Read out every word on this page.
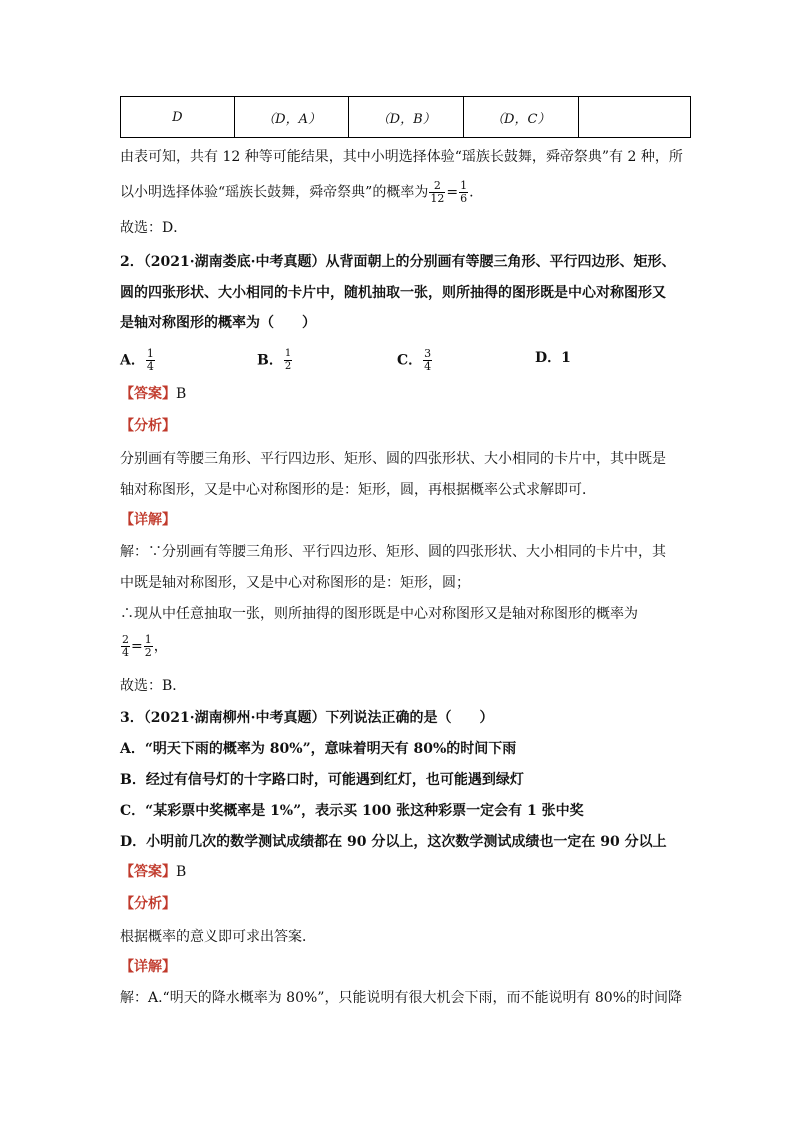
D	（D，A）	（D，B）	（D，C）	
由表可知，共有 12 种等可能结果，其中小明选择体验“瑶族长鼓舞，舜帝祭典”有 2 种，所
以小明选择体验“瑶族长鼓舞，舜帝祭典”的概率为 $\frac{2}{12} = \frac{1}{6}$ .
故选：D．
2．（2021·湖南娄底·中考真题）从背面朝上的分别画有等腰三角形、平行四边形、矩形、
圆的四张形状、大小相同的卡片中，随机抽取一张，则所抽得的图形既是中心对称图形又
是轴对称图形的概率为（　　）
A． $\frac{1}{4}$	B． $\frac{1}{2}$	C． $\frac{3}{4}$	D．1
【答案】B
【分析】
分别画有等腰三角形、平行四边形、矩形、圆的四张形状、大小相同的卡片中，其中既是
轴对称图形，又是中心对称图形的是：矩形，圆，再根据概率公式求解即可．
【详解】
解：∵分别画有等腰三角形、平行四边形、矩形、圆的四张形状、大小相同的卡片中，其
中既是轴对称图形，又是中心对称图形的是：矩形，圆；
∴现从中任意抽取一张，则所抽得的图形既是中心对称图形又是轴对称图形的概率为
$\frac{2}{4} = \frac{1}{2}$ ，
故选：B．
3．（2021·湖南柳州·中考真题）下列说法正确的是（　　）
A．“明天下雨的概率为 80%”，意味着明天有 80%的时间下雨
B．经过有信号灯的十字路口时，可能遇到红灯，也可能遇到绿灯
C．“某彩票中奖概率是 1%”，表示买 100 张这种彩票一定会有 1 张中奖
D．小明前几次的数学测试成绩都在 90 分以上，这次数学测试成绩也一定在 90 分以上
【答案】B
【分析】
根据概率的意义即可求出答案．
【详解】
解：A.“明天的降水概率为 80%”，只能说明有很大机会下雨，而不能说明有 80%的时间降
